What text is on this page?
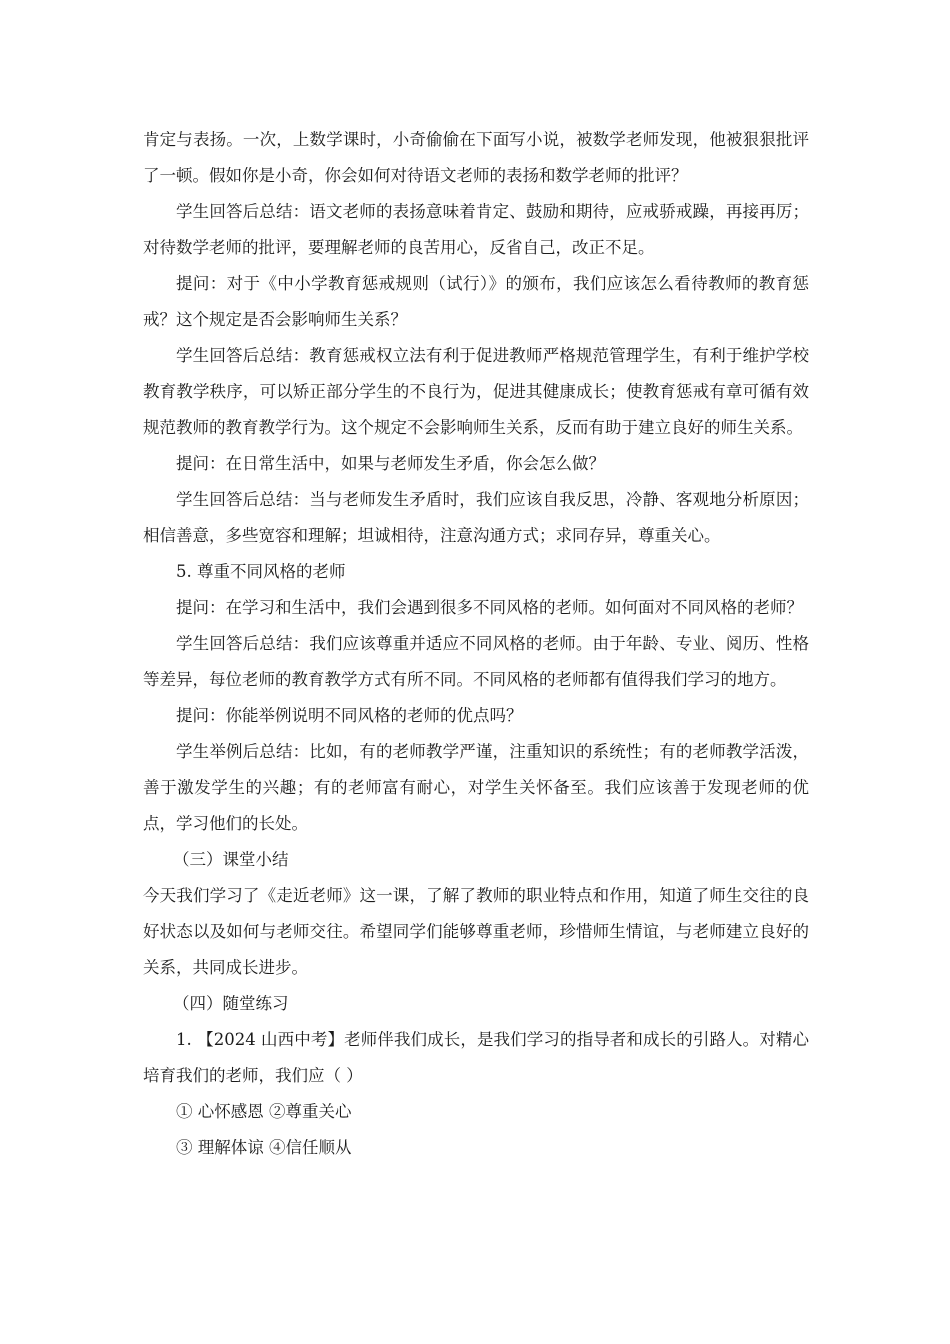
肯定与表扬。一次，上数学课时，小奇偷偷在下面写小说，被数学老师发现，他被狠狠批评了一顿。假如你是小奇，你会如何对待语文老师的表扬和数学老师的批评？
学生回答后总结：语文老师的表扬意味着肯定、鼓励和期待，应戒骄戒躁，再接再厉；对待数学老师的批评，要理解老师的良苦用心，反省自己，改正不足。
提问：对于《中小学教育惩戒规则（试行）》的颁布，我们应该怎么看待教师的教育惩戒？这个规定是否会影响师生关系？
学生回答后总结：教育惩戒权立法有利于促进教师严格规范管理学生，有利于维护学校教育教学秩序，可以矫正部分学生的不良行为，促进其健康成长；使教育惩戒有章可循有效规范教师的教育教学行为。这个规定不会影响师生关系，反而有助于建立良好的师生关系。
提问：在日常生活中，如果与老师发生矛盾，你会怎么做？
学生回答后总结：当与老师发生矛盾时，我们应该自我反思，冷静、客观地分析原因；相信善意，多些宽容和理解；坦诚相待，注意沟通方式；求同存异，尊重关心。
5. 尊重不同风格的老师
提问：在学习和生活中，我们会遇到很多不同风格的老师。如何面对不同风格的老师？
学生回答后总结：我们应该尊重并适应不同风格的老师。由于年龄、专业、阅历、性格等差异，每位老师的教育教学方式有所不同。不同风格的老师都有值得我们学习的地方。
提问：你能举例说明不同风格的老师的优点吗？
学生举例后总结：比如，有的老师教学严谨，注重知识的系统性；有的老师教学活泼，善于激发学生的兴趣；有的老师富有耐心，对学生关怀备至。我们应该善于发现老师的优点，学习他们的长处。
（三）课堂小结
今天我们学习了《走近老师》这一课，了解了教师的职业特点和作用，知道了师生交往的良好状态以及如何与老师交往。希望同学们能够尊重老师，珍惜师生情谊，与老师建立良好的关系，共同成长进步。
（四）随堂练习
1. 【2024 山西中考】老师伴我们成长，是我们学习的指导者和成长的引路人。对精心培育我们的老师，我们应（ ）
① 心怀感恩 ②尊重关心
③ 理解体谅 ④信任顺从
